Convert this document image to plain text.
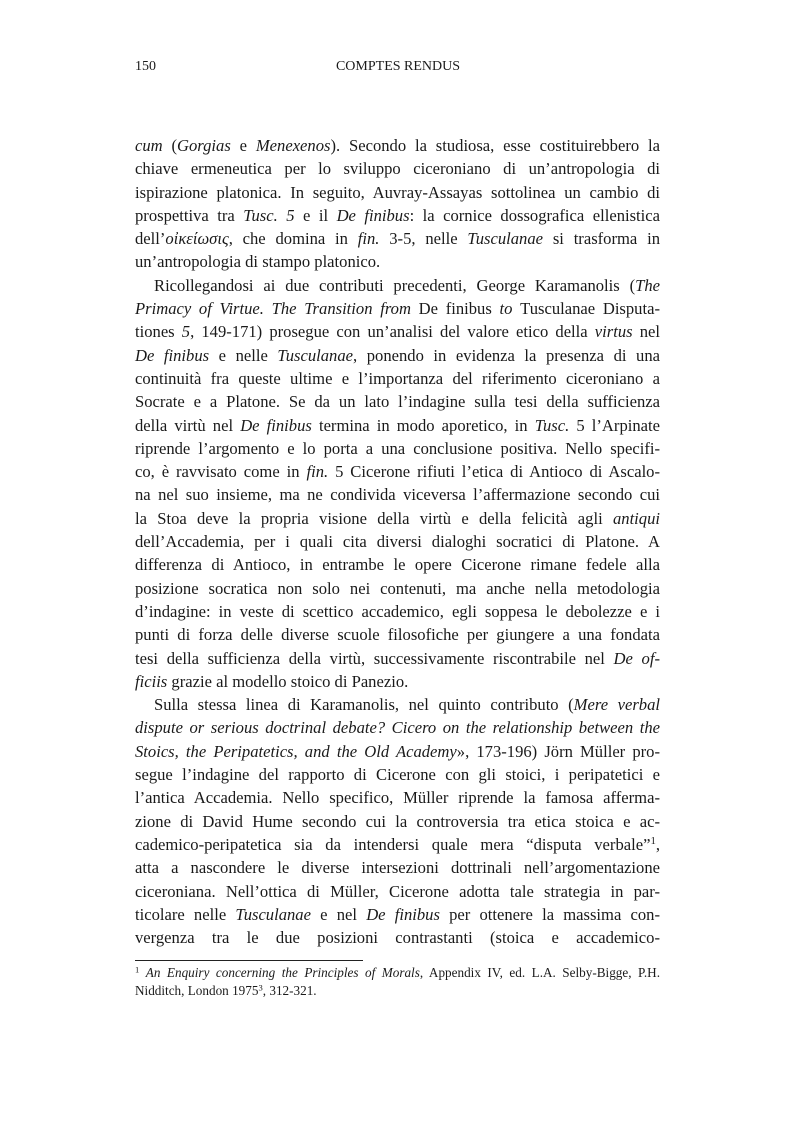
150	COMPTES RENDUS
cum (Gorgias e Menexenos). Secondo la studiosa, esse costituirebbero la
chiave ermeneutica per lo sviluppo ciceroniano di un’antropologia di
ispirazione platonica. In seguito, Auvray-Assayas sottolinea un cambio di
prospettiva tra Tusc. 5 e il De finibus: la cornice dossografica ellenistica
dell’οἰκείωσις, che domina in fin. 3-5, nelle Tusculanae si trasforma in
un’antropologia di stampo platonico.
Ricollegandosi ai due contributi precedenti, George Karamanolis (The
Primacy of Virtue. The Transition from De finibus to Tusculanae Disputa-
tiones 5, 149-171) prosegue con un’analisi del valore etico della virtus nel
De finibus e nelle Tusculanae, ponendo in evidenza la presenza di una
continuità fra queste ultime e l’importanza del riferimento ciceroniano a
Socrate e a Platone. Se da un lato l’indagine sulla tesi della sufficienza
della virtù nel De finibus termina in modo aporetico, in Tusc. 5 l’Arpinate
riprende l’argomento e lo porta a una conclusione positiva. Nello specifi-
co, è ravvisato come in fin. 5 Cicerone rifiuti l’etica di Antioco di Ascalo-
na nel suo insieme, ma ne condivida viceversa l’affermazione secondo cui
la Stoa deve la propria visione della virtù e della felicità agli antiqui
dell’Accademia, per i quali cita diversi dialoghi socratici di Platone. A
differenza di Antioco, in entrambe le opere Cicerone rimane fedele alla
posizione socratica non solo nei contenuti, ma anche nella metodologia
d’indagine: in veste di scettico accademico, egli soppesa le debolezze e i
punti di forza delle diverse scuole filosofiche per giungere a una fondata
tesi della sufficienza della virtù, successivamente riscontrabile nel De of-
ficiis grazie al modello stoico di Panezio.
Sulla stessa linea di Karamanolis, nel quinto contributo (Mere verbal
dispute or serious doctrinal debate? Cicero on the relationship between the
Stoics, the Peripatetics, and the Old Academy», 173-196) Jörn Müller pro-
segue l’indagine del rapporto di Cicerone con gli stoici, i peripatetici e
l’antica Accademia. Nello specifico, Müller riprende la famosa afferma-
zione di David Hume secondo cui la controversia tra etica stoica e ac-
cademico-peripatetica sia da intendersi quale mera “disputa verbale”$^1$,
atta a nascondere le diverse intersezioni dottrinali nell’argomentazione
ciceroniana. Nell’ottica di Müller, Cicerone adotta tale strategia in par-
ticolare nelle Tusculanae e nel De finibus per ottenere la massima con-
vergenza tra le due posizioni contrastanti (stoica e accademico-
$^1$ An Enquiry concerning the Principles of Morals, Appendix IV, ed. L.A. Selby-Bigge, P.H.
Nidditch, London 1975$^3$, 312-321.
